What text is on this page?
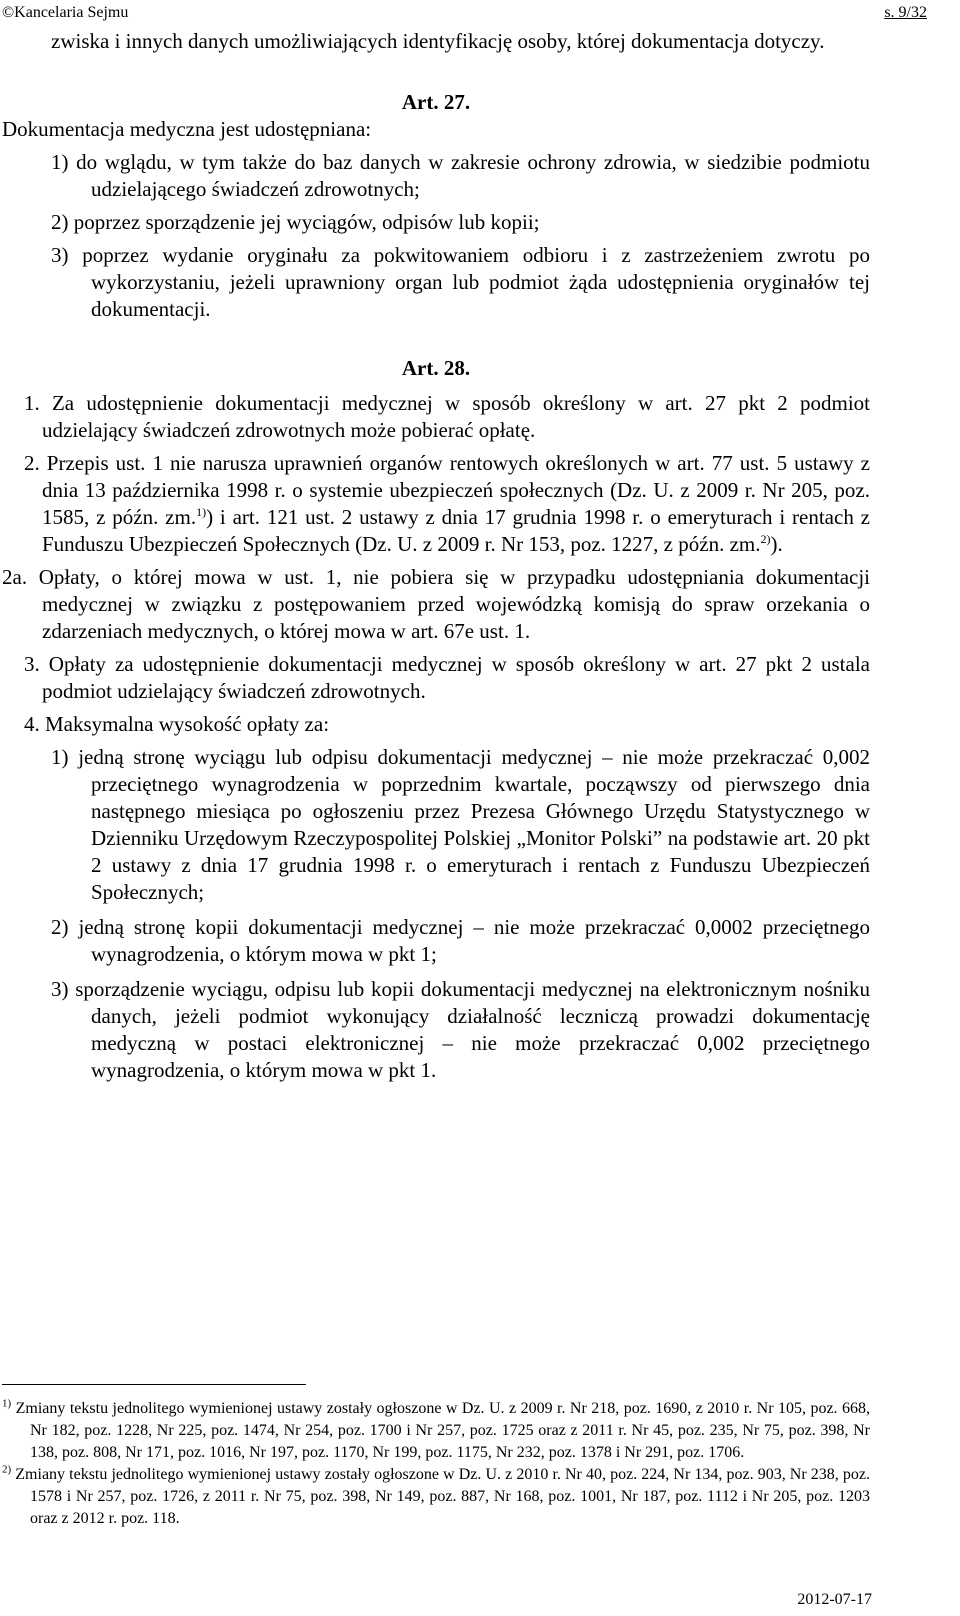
©Kancelaria Sejmu	s. 9/32
zwiska i innych danych umożliwiających identyfikację osoby, której dokumentacja dotyczy.
Art. 27.
Dokumentacja medyczna jest udostępniana:
1) do wglądu, w tym także do baz danych w zakresie ochrony zdrowia, w siedzibie podmiotu udzielającego świadczeń zdrowotnych;
2) poprzez sporządzenie jej wyciągów, odpisów lub kopii;
3) poprzez wydanie oryginału za pokwitowaniem odbioru i z zastrzeżeniem zwrotu po wykorzystaniu, jeżeli uprawniony organ lub podmiot żąda udostępnienia oryginałów tej dokumentacji.
Art. 28.
1. Za udostępnienie dokumentacji medycznej w sposób określony w art. 27 pkt 2 podmiot udzielający świadczeń zdrowotnych może pobierać opłatę.
2. Przepis ust. 1 nie narusza uprawnień organów rentowych określonych w art. 77 ust. 5 ustawy z dnia 13 października 1998 r. o systemie ubezpieczeń społecznych (Dz. U. z 2009 r. Nr 205, poz. 1585, z późn. zm.$^{1)}$) i art. 121 ust. 2 ustawy z dnia 17 grudnia 1998 r. o emeryturach i rentach z Funduszu Ubezpieczeń Społecznych (Dz. U. z 2009 r. Nr 153, poz. 1227, z późn. zm.$^{2)}$).
2a. Opłaty, o której mowa w ust. 1, nie pobiera się w przypadku udostępniania dokumentacji medycznej w związku z postępowaniem przed wojewódzką komisją do spraw orzekania o zdarzeniach medycznych, o której mowa w art. 67e ust. 1.
3. Opłaty za udostępnienie dokumentacji medycznej w sposób określony w art. 27 pkt 2 ustala podmiot udzielający świadczeń zdrowotnych.
4. Maksymalna wysokość opłaty za:
1) jedną stronę wyciągu lub odpisu dokumentacji medycznej – nie może przekraczać 0,002 przeciętnego wynagrodzenia w poprzednim kwartale, począwszy od pierwszego dnia następnego miesiąca po ogłoszeniu przez Prezesa Głównego Urzędu Statystycznego w Dzienniku Urzędowym Rzeczypospolitej Polskiej „Monitor Polski” na podstawie art. 20 pkt 2 ustawy z dnia 17 grudnia 1998 r. o emeryturach i rentach z Funduszu Ubezpieczeń Społecznych;
2) jedną stronę kopii dokumentacji medycznej – nie może przekraczać 0,0002 przeciętnego wynagrodzenia, o którym mowa w pkt 1;
3) sporządzenie wyciągu, odpisu lub kopii dokumentacji medycznej na elektronicznym nośniku danych, jeżeli podmiot wykonujący działalność leczniczą prowadzi dokumentację medyczną w postaci elektronicznej – nie może przekraczać 0,002 przeciętnego wynagrodzenia, o którym mowa w pkt 1.

$^{1)}$ Zmiany tekstu jednolitego wymienionej ustawy zostały ogłoszone w Dz. U. z 2009 r. Nr 218, poz. 1690, z 2010 r. Nr 105, poz. 668, Nr 182, poz. 1228, Nr 225, poz. 1474, Nr 254, poz. 1700 i Nr 257, poz. 1725 oraz z 2011 r. Nr 45, poz. 235, Nr 75, poz. 398, Nr 138, poz. 808, Nr 171, poz. 1016, Nr 197, poz. 1170, Nr 199, poz. 1175, Nr 232, poz. 1378 i Nr 291, poz. 1706.

$^{2)}$ Zmiany tekstu jednolitego wymienionej ustawy zostały ogłoszone w Dz. U. z 2010 r. Nr 40, poz. 224, Nr 134, poz. 903, Nr 238, poz. 1578 i Nr 257, poz. 1726, z 2011 r. Nr 75, poz. 398, Nr 149, poz. 887, Nr 168, poz. 1001, Nr 187, poz. 1112 i Nr 205, poz. 1203 oraz z 2012 r. poz. 118.

2012-07-17
